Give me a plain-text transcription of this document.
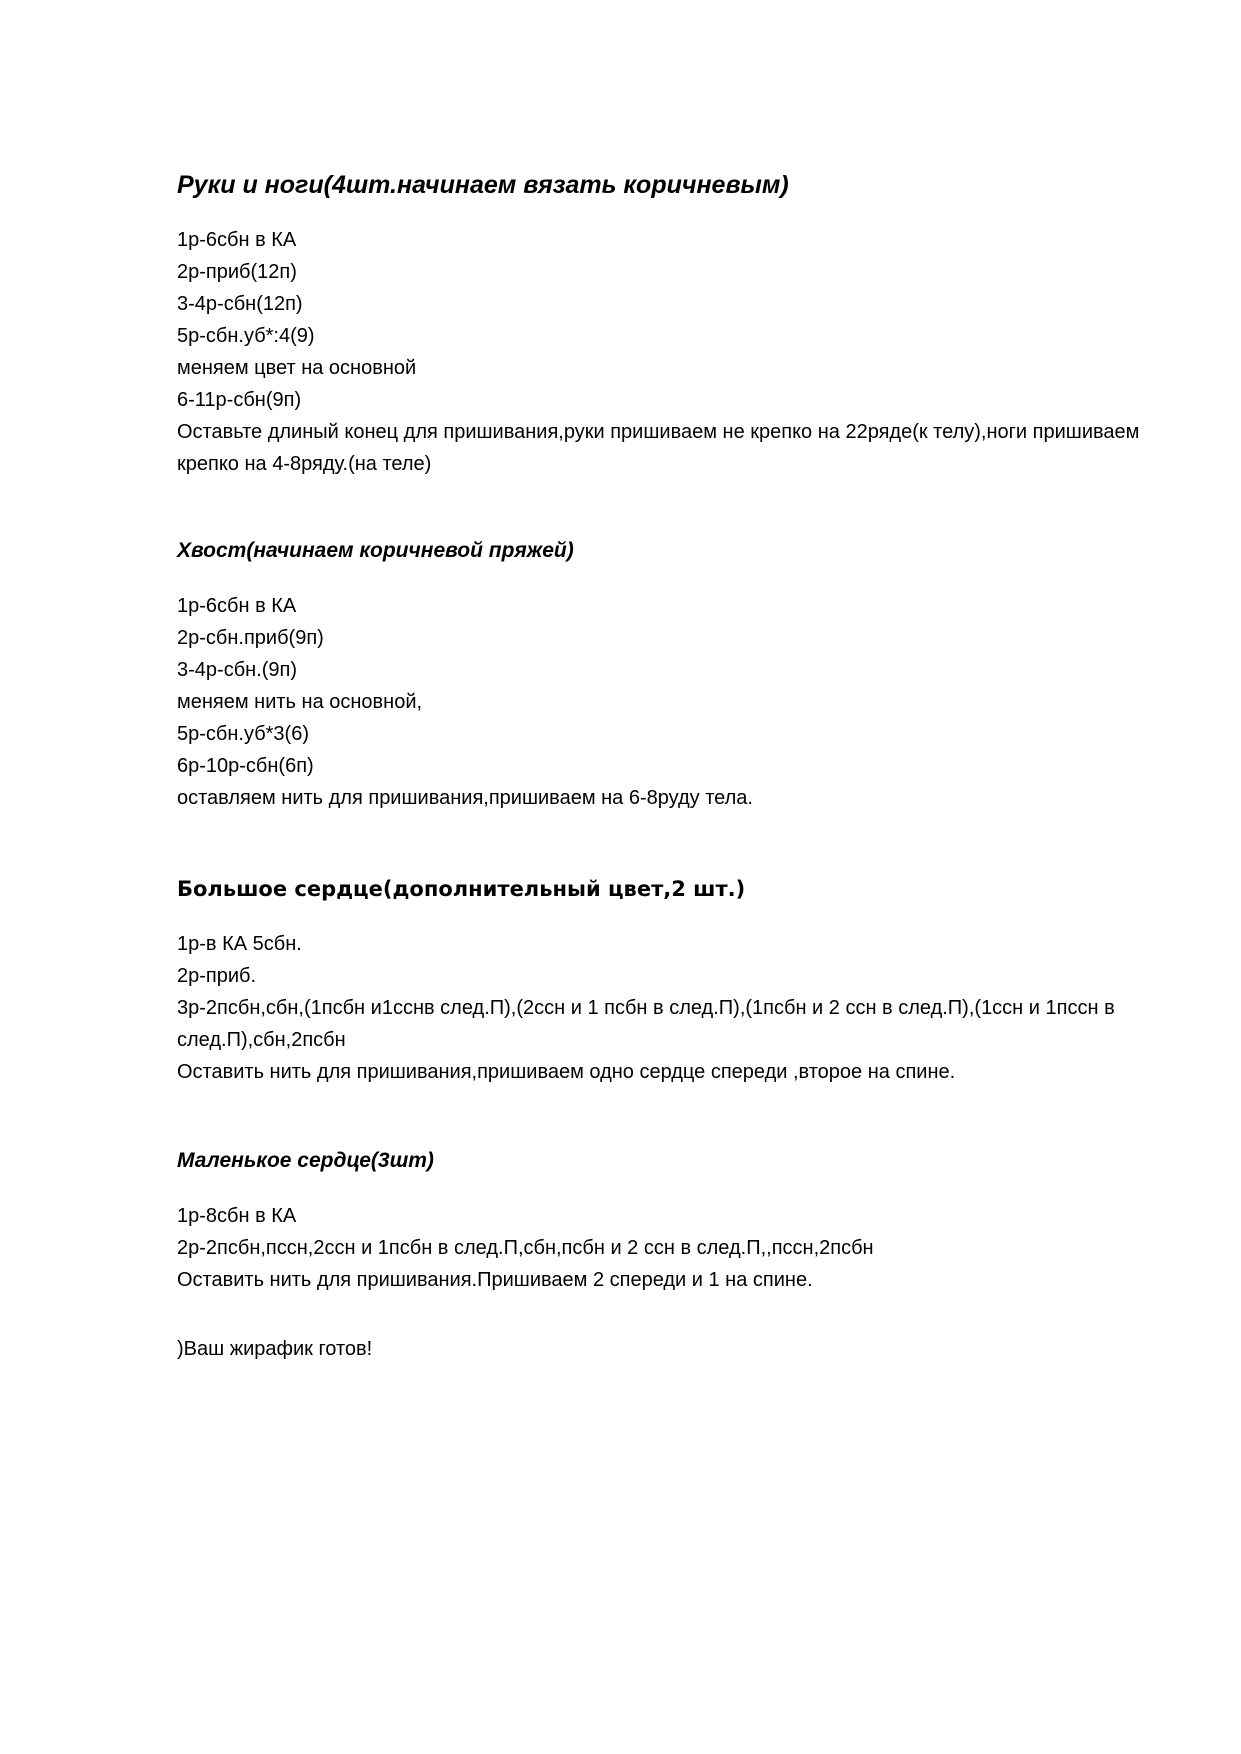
Руки и ноги(4шт.начинаем вязать коричневым)

1р-6сбн в КА

2р-приб(12п)

3-4р-сбн(12п)

5р-сбн.уб*:4(9)

меняем цвет на основной

6-11р-сбн(9п)

Оставьте длиный конец для пришивания,руки пришиваем не крепко на 22ряде(к телу),ноги пришиваем крепко на 4-8ряду.(на теле)

Хвост(начинаем коричневой пряжей)

1р-6сбн в КА

2р-сбн.приб(9п)

3-4р-сбн.(9п)

меняем нить на основной,

5р-сбн.уб*3(6)

6р-10р-сбн(6п)

оставляем нить для пришивания,пришиваем на 6-8руду тела.

Большое сердце(дополнительный цвет,2 шт.)

1р-в КА 5сбн.

2р-приб.

3р-2псбн,сбн,(1псбн и1сснв след.П),(2ссн и 1 псбн в след.П),(1псбн и 2 ссн в след.П),(1ссн и 1пссн в след.П),сбн,2псбн

Оставить нить для пришивания,пришиваем одно сердце спереди ,второе на спине.

Маленькое сердце(3шт)

1р-8сбн в КА

2р-2псбн,пссн,2ссн и 1псбн в след.П,сбн,псбн и 2 ссн в след.П,,пссн,2псбн

Оставить нить для пришивания.Пришиваем 2 спереди и 1 на спине.

)Ваш жирафик готов!
